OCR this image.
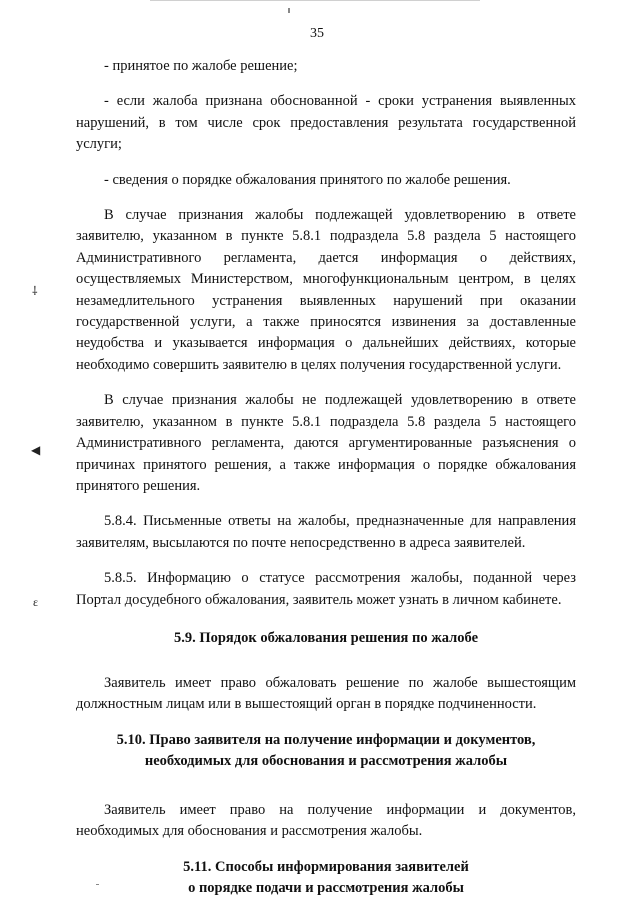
35
⸸
◀
ɛ

- принятое по жалобе решение;

- если жалоба признана обоснованной - сроки устранения выявленных нарушений, в том числе срок предоставления результата государственной услуги;

- сведения о порядке обжалования принятого по жалобе решения.

В случае признания жалобы подлежащей удовлетворению в ответе заявителю, указанном в пункте 5.8.1 подраздела 5.8 раздела 5 настоящего Административного регламента, дается информация о действиях, осуществляемых Министерством, многофункциональным центром, в целях незамедлительного устранения выявленных нарушений при оказании государственной услуги, а также приносятся извинения за доставленные неудобства и указывается информация о дальнейших действиях, которые необходимо совершить заявителю в целях получения государственной услуги.

В случае признания жалобы не подлежащей удовлетворению в ответе заявителю, указанном в пункте 5.8.1 подраздела 5.8 раздела 5 настоящего Административного регламента, даются аргументированные разъяснения о причинах принятого решения, а также информация о порядке обжалования принятого решения.

5.8.4. Письменные ответы на жалобы, предназначенные для направления заявителям, высылаются по почте непосредственно в адреса заявителей.

5.8.5. Информацию о статусе рассмотрения жалобы, поданной через Портал досудебного обжалования, заявитель может узнать в личном кабинете.

5.9. Порядок обжалования решения по жалобе

Заявитель имеет право обжаловать решение по жалобе вышестоящим должностным лицам или в вышестоящий орган в порядке подчиненности.

5.10. Право заявителя на получение информации и документов,

необходимых для обоснования и рассмотрения жалобы

Заявитель имеет право на получение информации и документов, необходимых для обоснования и рассмотрения жалобы.

5.11. Способы информирования заявителей

о порядке подачи и рассмотрения жалобы
